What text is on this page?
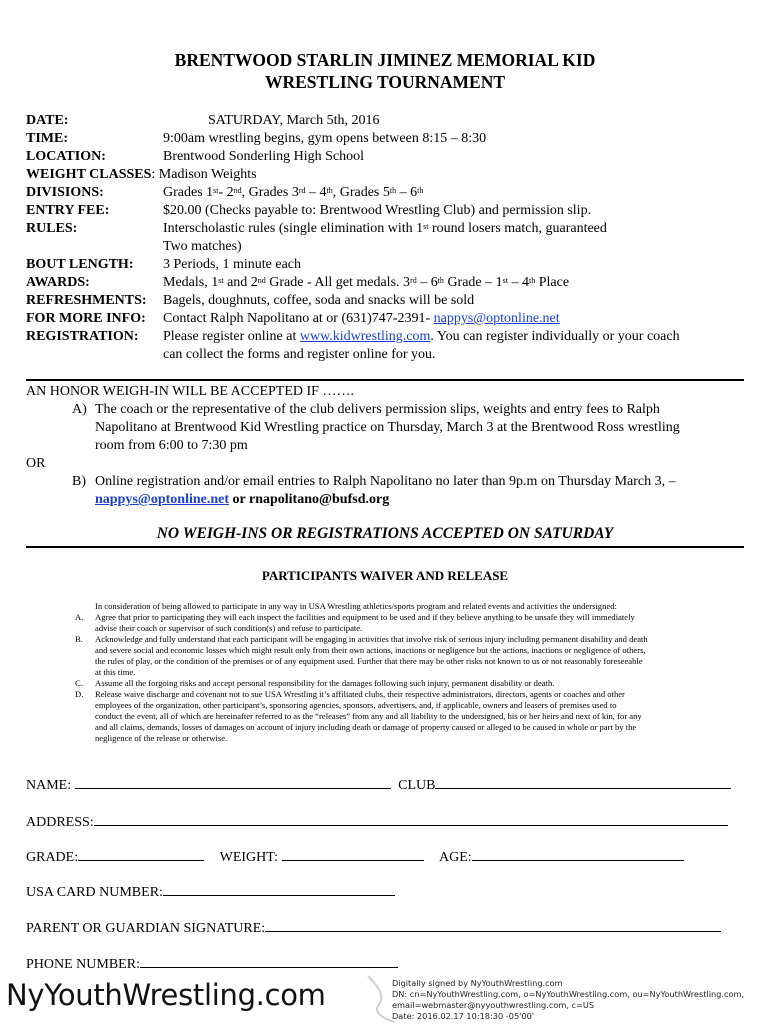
BRENTWOOD STARLIN JIMINEZ MEMORIAL KID
WRESTLING TOURNAMENT
DATE:	SATURDAY, March 5th, 2016
TIME:	9:00am wrestling begins, gym opens between 8:15 – 8:30
LOCATION:	Brentwood Sonderling High School
WEIGHT CLASSES: Madison Weights
DIVISIONS:	Grades 1st- 2nd, Grades 3rd – 4th, Grades 5th – 6th
ENTRY FEE:	$20.00 (Checks payable to: Brentwood Wrestling Club) and permission slip.
RULES:	Interscholastic rules (single elimination with 1st round losers match, guaranteed
Two matches)
BOUT LENGTH: 3 Periods, 1 minute each
AWARDS:	Medals, 1st and 2nd Grade - All get medals. 3rd – 6th Grade – 1st – 4th Place
REFRESHMENTS: Bagels, doughnuts, coffee, soda and snacks will be sold
FOR MORE INFO: Contact Ralph Napolitano at or (631)747-2391- nappys@optonline.net
REGISTRATION: Please register online at www.kidwrestling.com. You can register individually or your coach
can collect the forms and register online for you.
AN HONOR WEIGH-IN WILL BE ACCEPTED IF …….
A) The coach or the representative of the club delivers permission slips, weights and entry fees to Ralph
Napolitano at Brentwood Kid Wrestling practice on Thursday, March 3 at the Brentwood Ross wrestling
room from 6:00 to 7:30 pm
OR
B) Online registration and/or email entries to Ralph Napolitano no later than 9p.m on Thursday March 3, –
nappys@optonline.net or rnapolitano@bufsd.org
NO WEIGH-INS OR REGISTRATIONS ACCEPTED ON SATURDAY
PARTICIPANTS WAIVER AND RELEASE
In consideration of being allowed to participate in any way in USA Wrestling athletics/sports program and related events and activities the undersigned:
A. Agree that prior to participating they will each inspect the facilities and equipment to be used and if they believe anything to be unsafe they will immediately
advise their coach or supervisor of such condition(s) and refuse to participate.
B. Acknowledge and fully understand that each participant will be engaging in activities that involve risk of serious injury including permanent disability and death
and severe social and economic losses which might result only from their own actions, inactions or negligence but the actions, inactions or negligence of others,
the rules of play, or the condition of the premises or of any equipment used. Further that there may be other risks not known to us or not reasonably foreseeable
at this time.
C. Assume all the forgoing risks and accept personal responsibility for the damages following such injury, permanent disability or death.
D. Release waive discharge and covenant not to sue USA Wrestling it’s affiliated clubs, their respective administrators, directors, agents or coaches and other
employees of the organization, other participant’s, sponsoring agencies, sponsors, advertisers, and, if applicable, owners and leasers of premises used to
conduct the event, all of which are hereinafter referred to as the “releases” from any and all liability to the undersigned, his or her heirs and next of kin, for any
and all claims, demands, losses of damages on account of injury including death or damage of property caused or alleged to be caused in whole or part by the
negligence of the release or otherwise.
NAME:	CLUB
ADDRESS:
GRADE:	WEIGHT:	AGE:
USA CARD NUMBER:
PARENT OR GUARDIAN SIGNATURE:
PHONE NUMBER:
NyYouthWrestling.com	Digitally signed by NyYouthWrestling.com
DN: cn=NyYouthWrestling.com, o=NyYouthWrestling.com, ou=NyYouthWrestling.com,
email=webmaster@nyyouthwrestling.com, c=US
Date: 2016.02.17 10:18:30 -05'00'
